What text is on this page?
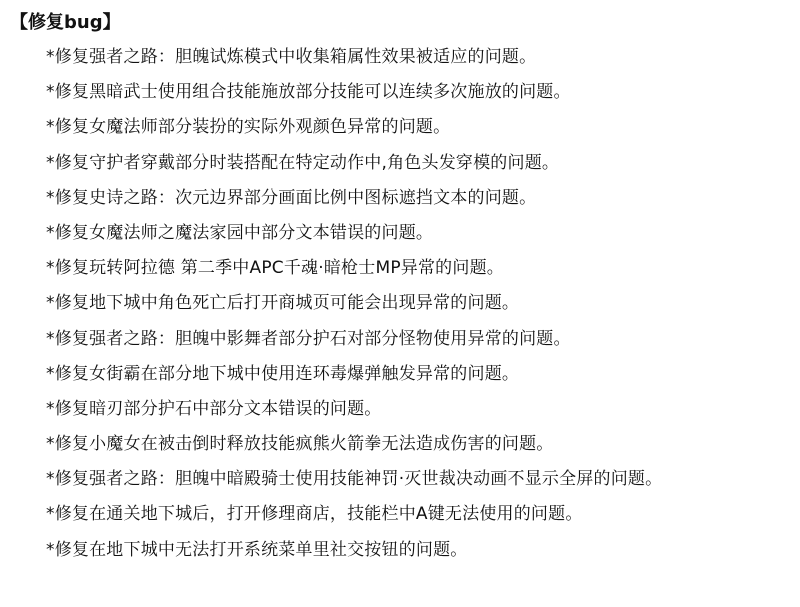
【修复bug】
*修复强者之路：胆魄试炼模式中收集箱属性效果被适应的问题。
*修复黑暗武士使用组合技能施放部分技能可以连续多次施放的问题。
*修复女魔法师部分装扮的实际外观颜色异常的问题。
*修复守护者穿戴部分时装搭配在特定动作中,角色头发穿模的问题。
*修复史诗之路：次元边界部分画面比例中图标遮挡文本的问题。
*修复女魔法师之魔法家园中部分文本错误的问题。
*修复玩转阿拉德 第二季中APC千魂·暗枪士MP异常的问题。
*修复地下城中角色死亡后打开商城页可能会出现异常的问题。
*修复强者之路：胆魄中影舞者部分护石对部分怪物使用异常的问题。
*修复女街霸在部分地下城中使用连环毒爆弹触发异常的问题。
*修复暗刃部分护石中部分文本错误的问题。
*修复小魔女在被击倒时释放技能疯熊火箭拳无法造成伤害的问题。
*修复强者之路：胆魄中暗殿骑士使用技能神罚·灭世裁决动画不显示全屏的问题。
*修复在通关地下城后，打开修理商店，技能栏中A键无法使用的问题。
*修复在地下城中无法打开系统菜单里社交按钮的问题。
